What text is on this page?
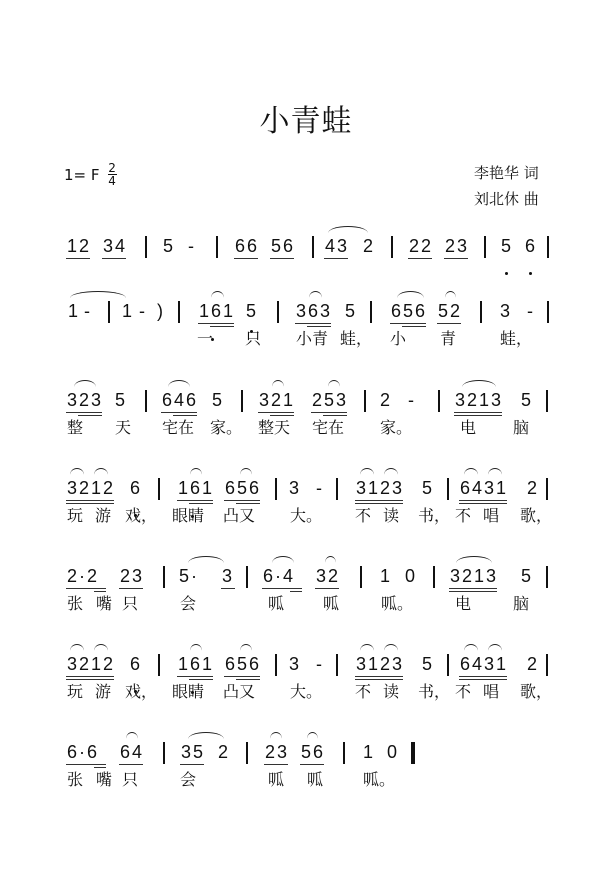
小青蛙
1= F $\frac{2}{4}$	李艳华 词
刘北休 曲
12 34 5 - 66 56 43 2 22 23 5 6
1 - 1 - ) 161 5 363 5 656 52 3 -
一 只 小青 蛙， 小 青	蛙，
323 5 646 5 321 253 2 - 3213 5
整 天 宅在 家。 整天 宅在 家。	电 脑
3212 6 161 656 3 - 3123 5 6431 2
玩 游 戏， 眼睛 凸又 大。 不 读 书， 不 唱 歌，
2·2 23 5· 3 6·4 32 1 0 3213 5
张 嘴 只	会	呱 呱	呱。	电	脑
3212 6 161 656 3 - 3123 5 6431 2
玩 游 戏， 眼睛 凸又 大。 不 读 书， 不 唱 歌，
6·6 64 35 2 23 56 1 0
张 嘴 只	会	呱 呱 呱。
